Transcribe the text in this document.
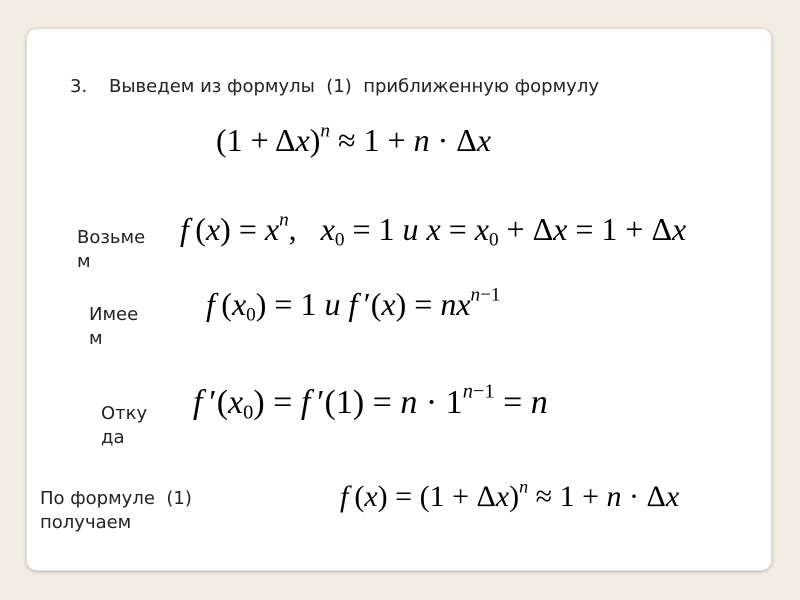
3. Выведем из формулы  (1)  приближенную формулу
$(1 + \Delta x)^n \approx 1 + n \cdot \Delta x$
Возьме
м
f $(x) = x^n$,   $x_0 = 1$ и $x = x_0 + \Delta x = 1 + \Delta x$
Имее
м
f $(x_0) = 1$ и f $'(x) = nx^{n-1}$
Отку
да
f $'(x_0) = f$ $'(1) = n \cdot 1^{n-1} = n$
По формуле  (1)
получаем
f $(x) = (1 + \Delta x)^n \approx 1 + n \cdot \Delta x$
